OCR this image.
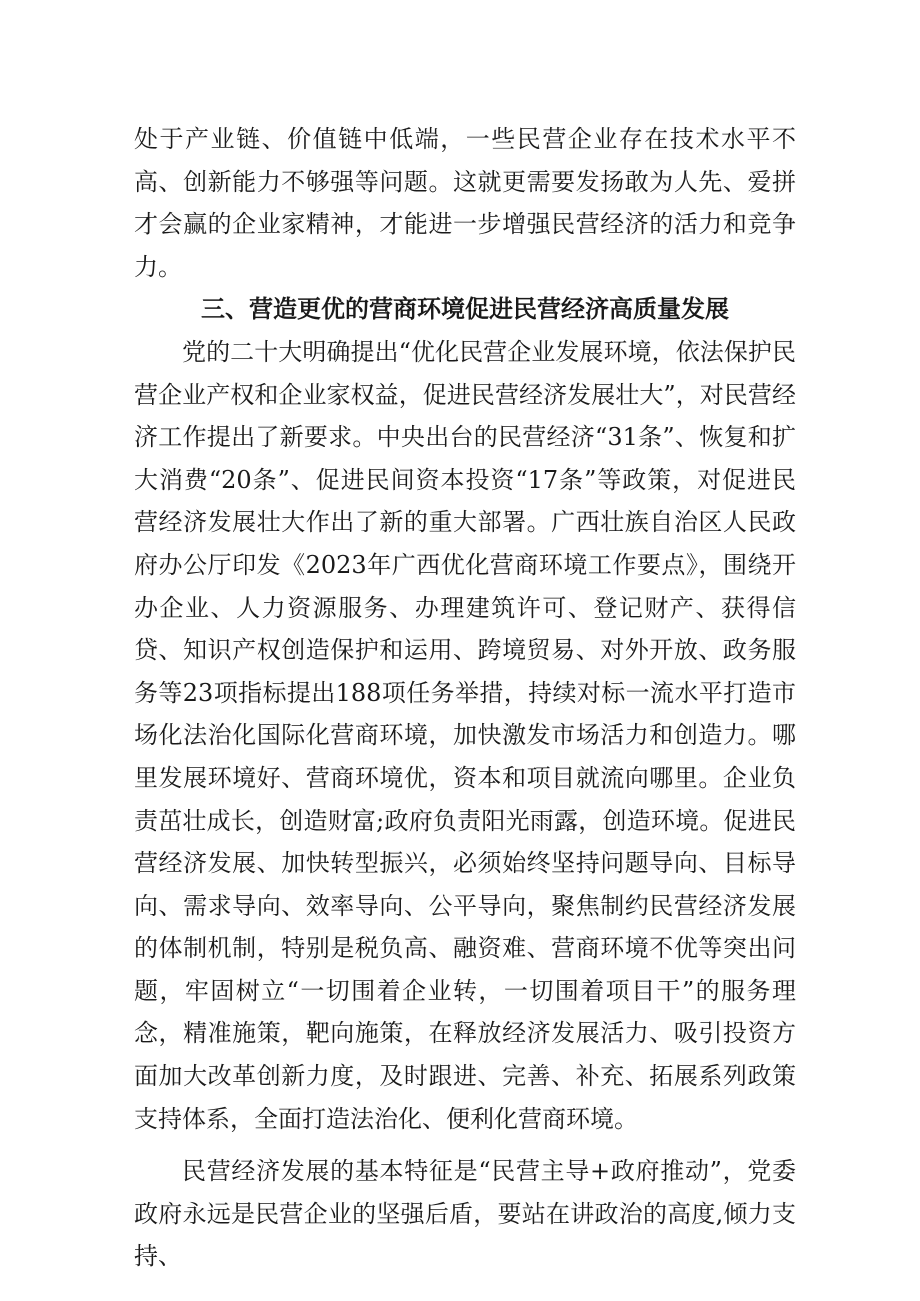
处于产业链、价值链中低端，一些民营企业存在技术水平不高、创新能力不够强等问题。这就更需要发扬敢为人先、爱拼才会赢的企业家精神，才能进一步增强民营经济的活力和竞争力。

三、营造更优的营商环境促进民营经济高质量发展

党的二十大明确提出“优化民营企业发展环境，依法保护民营企业产权和企业家权益，促进民营经济发展壮大”，对民营经济工作提出了新要求。中央出台的民营经济“31条”、恢复和扩大消费“20条”、促进民间资本投资“17条”等政策，对促进民营经济发展壮大作出了新的重大部署。广西壮族自治区人民政府办公厅印发《2023年广西优化营商环境工作要点》，围绕开办企业、人力资源服务、办理建筑许可、登记财产、获得信贷、知识产权创造保护和运用、跨境贸易、对外开放、政务服务等23项指标提出188项任务举措，持续对标一流水平打造市场化法治化国际化营商环境，加快激发市场活力和创造力。哪里发展环境好、营商环境优，资本和项目就流向哪里。企业负责茁壮成长，创造财富;政府负责阳光雨露，创造环境。促进民营经济发展、加快转型振兴，必须始终坚持问题导向、目标导向、需求导向、效率导向、公平导向，聚焦制约民营经济发展的体制机制，特别是税负高、融资难、营商环境不优等突出问题，牢固树立“一切围着企业转，一切围着项目干”的服务理念，精准施策，靶向施策，在释放经济发展活力、吸引投资方面加大改革创新力度，及时跟进、完善、补充、拓展系列政策支持体系，全面打造法治化、便利化营商环境。

民营经济发展的基本特征是“民营主导+政府推动”，党委政府永远是民营企业的坚强后盾，要站在讲政治的高度,倾力支持、
